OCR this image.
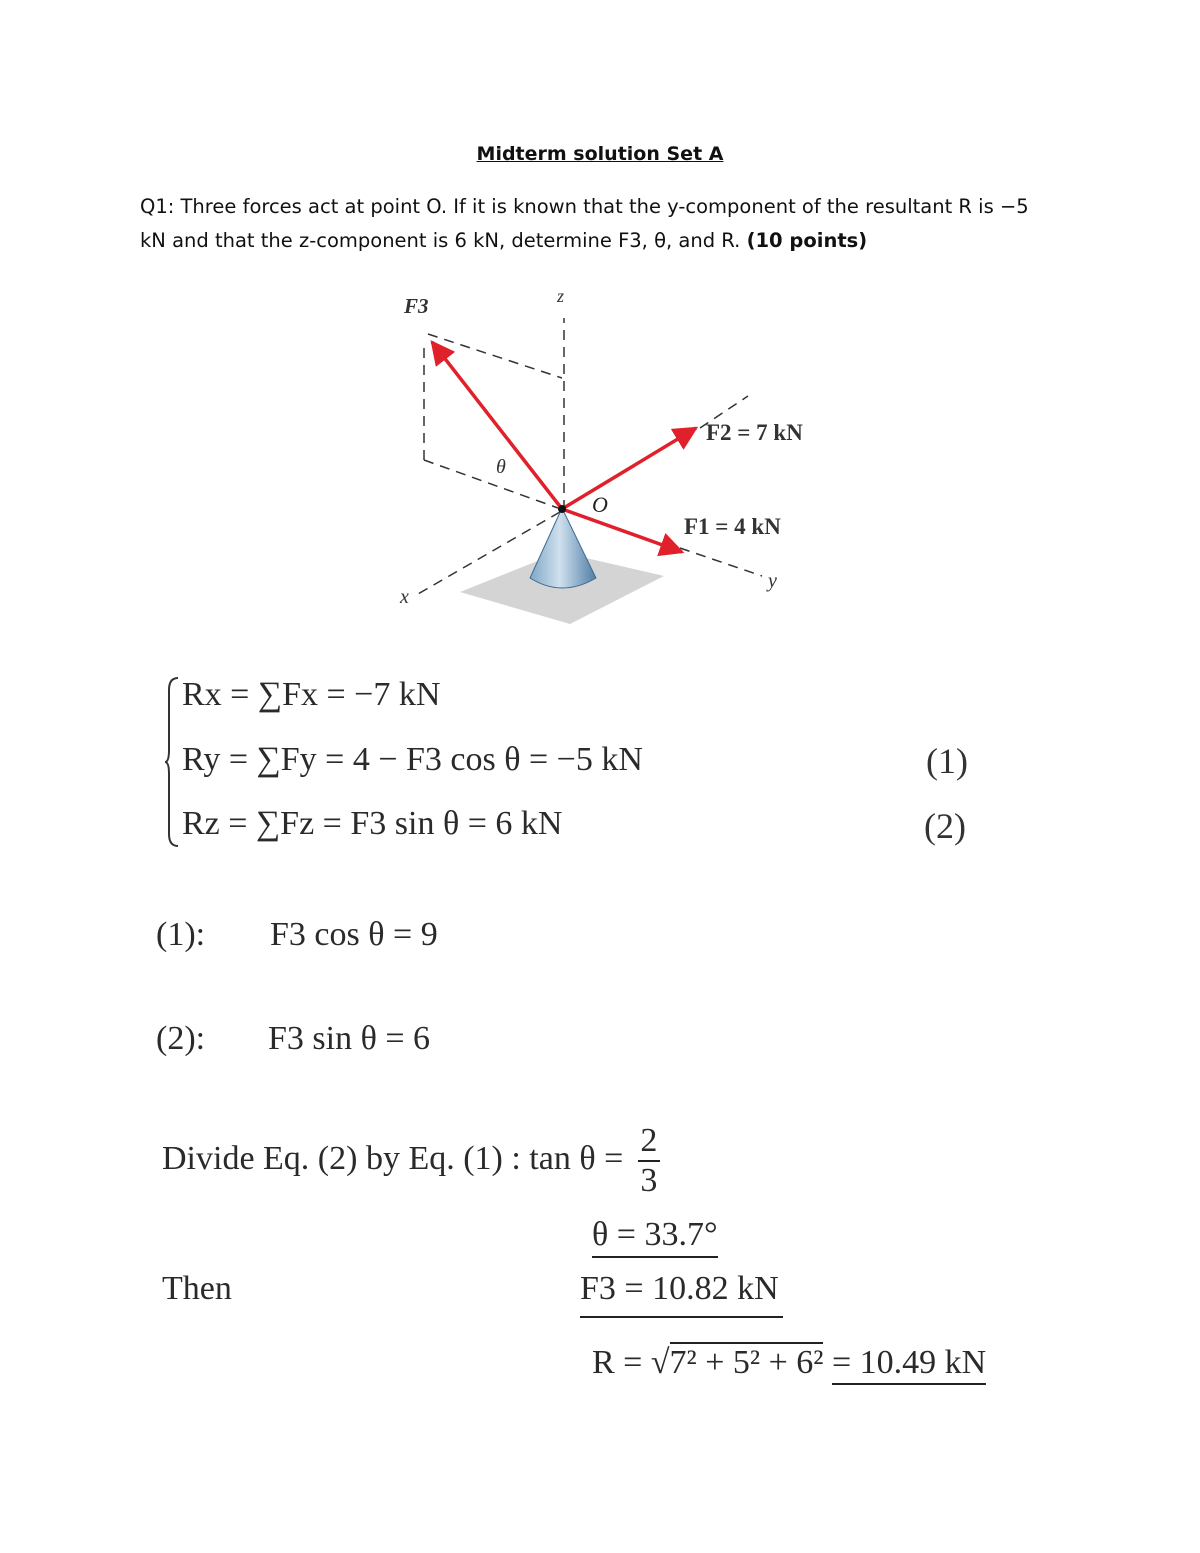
Midterm solution Set A
Q1: Three forces act at point O. If it is known that the y-component of the resultant R is −5 kN and that the z-component is 6 kN, determine F3, θ, and R. (10 points)
z
x
y
O
F3
θ
F2 = 7 kN
F1 = 4 kN
Rx = ∑Fx = −7 kN
Ry = ∑Fy = 4 − F3 cos θ = −5 kN
Rz = ∑Fz = F3 sin θ = 6 kN
(1)
(2)
(1): F3 cos θ = 9
(2): F3 sin θ = 6
Divide Eq. (2) by Eq. (1) : $\tan \theta = \frac{2}{3}$
θ = 33.7°
Then	F3 = 10.82 kN
R = √7² + 5² + 6² = 10.49 kN
